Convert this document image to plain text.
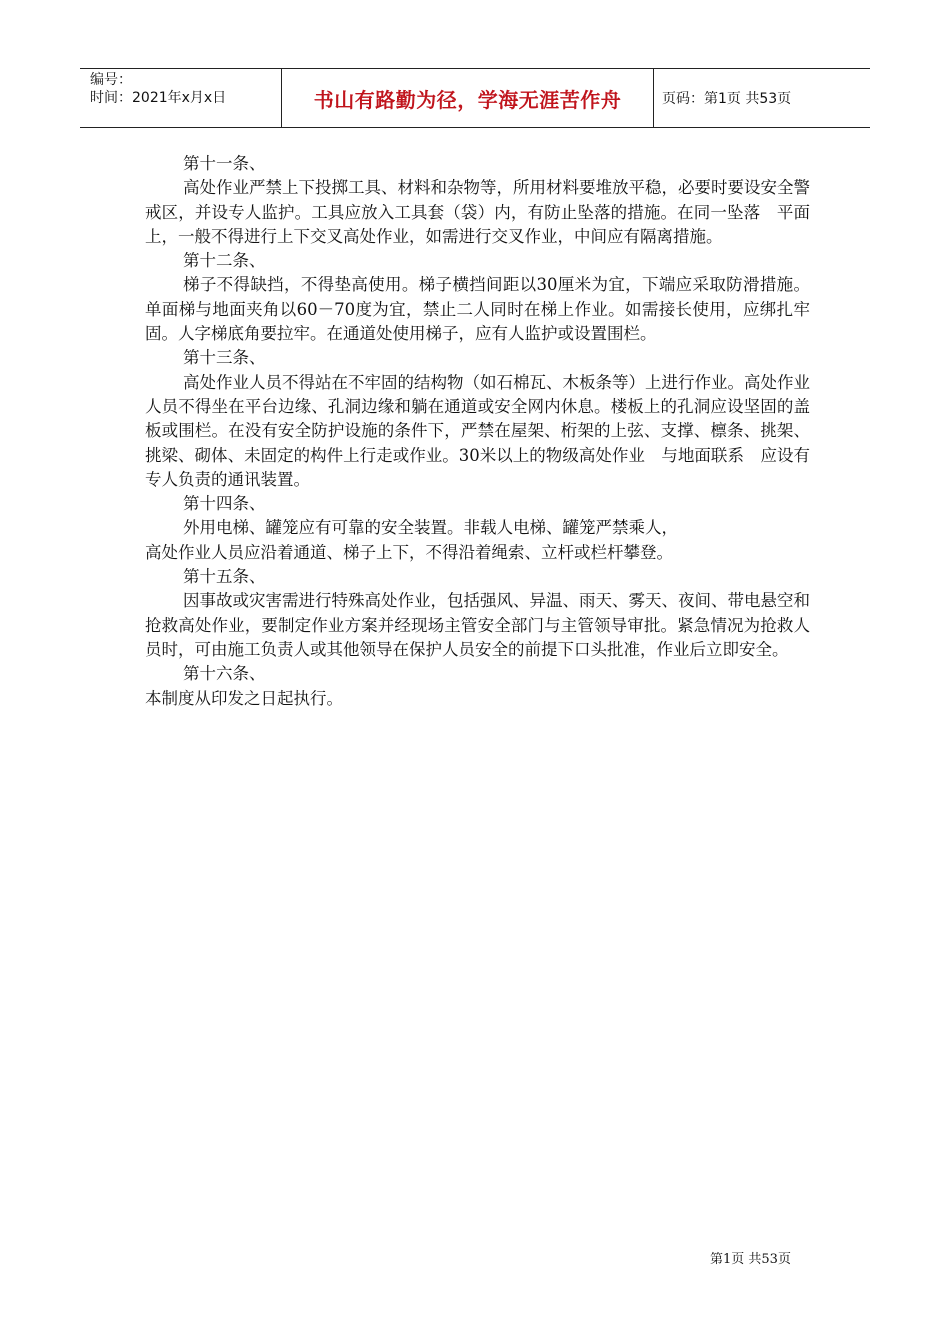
编号：
时间：2021年x月x日	书山有路勤为径，学海无涯苦作舟	页码：第1页 共53页

第十一条、

高处作业严禁上下投掷工具、材料和杂物等，所用材料要堆放平稳，必要时要设安全警戒区，并设专人监护。工具应放入工具套（袋）内，有防止坠落的措施。在同一坠落　平面上，一般不得进行上下交叉高处作业，如需进行交叉作业，中间应有隔离措施。

第十二条、

梯子不得缺挡，不得垫高使用。梯子横挡间距以30厘米为宜，下端应采取防滑措施。单面梯与地面夹角以60－70度为宜，禁止二人同时在梯上作业。如需接长使用，应绑扎牢固。人字梯底角要拉牢。在通道处使用梯子，应有人监护或设置围栏。

第十三条、

高处作业人员不得站在不牢固的结构物（如石棉瓦、木板条等）上进行作业。高处作业人员不得坐在平台边缘、孔洞边缘和躺在通道或安全网内休息。楼板上的孔洞应设坚固的盖板或围栏。在没有安全防护设施的条件下，严禁在屋架、桁架的上弦、支撑、檩条、挑架、挑梁、砌体、未固定的构件上行走或作业。30米以上的物级高处作业　与地面联系　应设有专人负责的通讯装置。

第十四条、

外用电梯、罐笼应有可靠的安全装置。非载人电梯、罐笼严禁乘人，

高处作业人员应沿着通道、梯子上下，不得沿着绳索、立杆或栏杆攀登。

第十五条、

因事故或灾害需进行特殊高处作业，包括强风、异温、雨天、雾天、夜间、带电悬空和抢救高处作业，要制定作业方案并经现场主管安全部门与主管领导审批。紧急情况为抢救人员时，可由施工负责人或其他领导在保护人员安全的前提下口头批准，作业后立即安全。

第十六条、

本制度从印发之日起执行。

第1页 共53页
